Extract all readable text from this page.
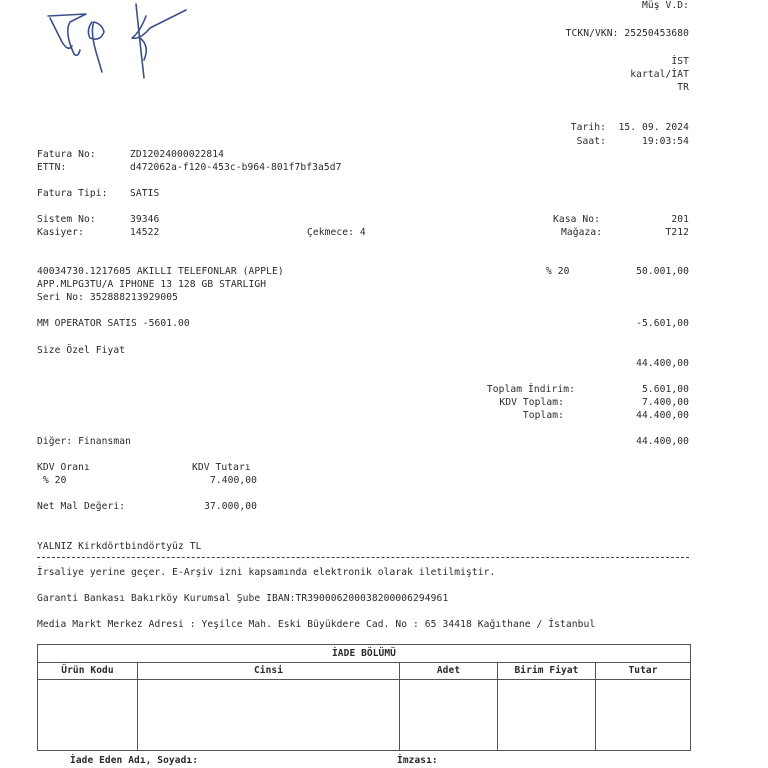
Müş V.D:
TCKN/VKN: 25250453680
İST
kartal/İAT
TR
Tarih: 15. 09. 2024
Saat:	19:03:54
Fatura No:	ZD12024000022814
ETTN:	d472062a-f120-453c-b964-801f7bf3a5d7
Fatura Tipi: SATIS
Sistem No:	39346
Kasiyer:	14522	Çekmece: 4
Kasa No:	201
Mağaza:	T212
40034730.1217605 AKILLI TELEFONLAR (APPLE)
APP.MLPG3TU/A IPHONE 13 128 GB STARLIGH
Seri No: 352888213929005
% 20	50.001,00
MM OPERATOR SATIS -5601.00	-5.601,00
Size Özel Fiyat
44.400,00
Toplam İndirim:	5.601,00
KDV Toplam:	7.400,00
Toplam:	44.400,00
Diğer: Finansman	44.400,00
KDV Oranı	KDV Tutarı
% 20	7.400,00
Net Mal Değeri:	37.000,00
YALNIZ Kirkdörtbindörtyüz TL
İrsaliye yerine geçer. E-Arşiv izni kapsamında elektronik olarak iletilmiştir.
Garanti Bankası Bakırköy Kurumsal Şube IBAN:TR390006200038200006294961
Media Markt Merkez Adresi : Yeşilce Mah. Eski Büyükdere Cad. No : 65 34418 Kağıthane / İstanbul
İADE BÖLÜMÜ
Ürün Kodu	Cinsi	Adet	Birim Fiyat	Tutar
İade Eden Adı, Soyadı:	İmzası:
